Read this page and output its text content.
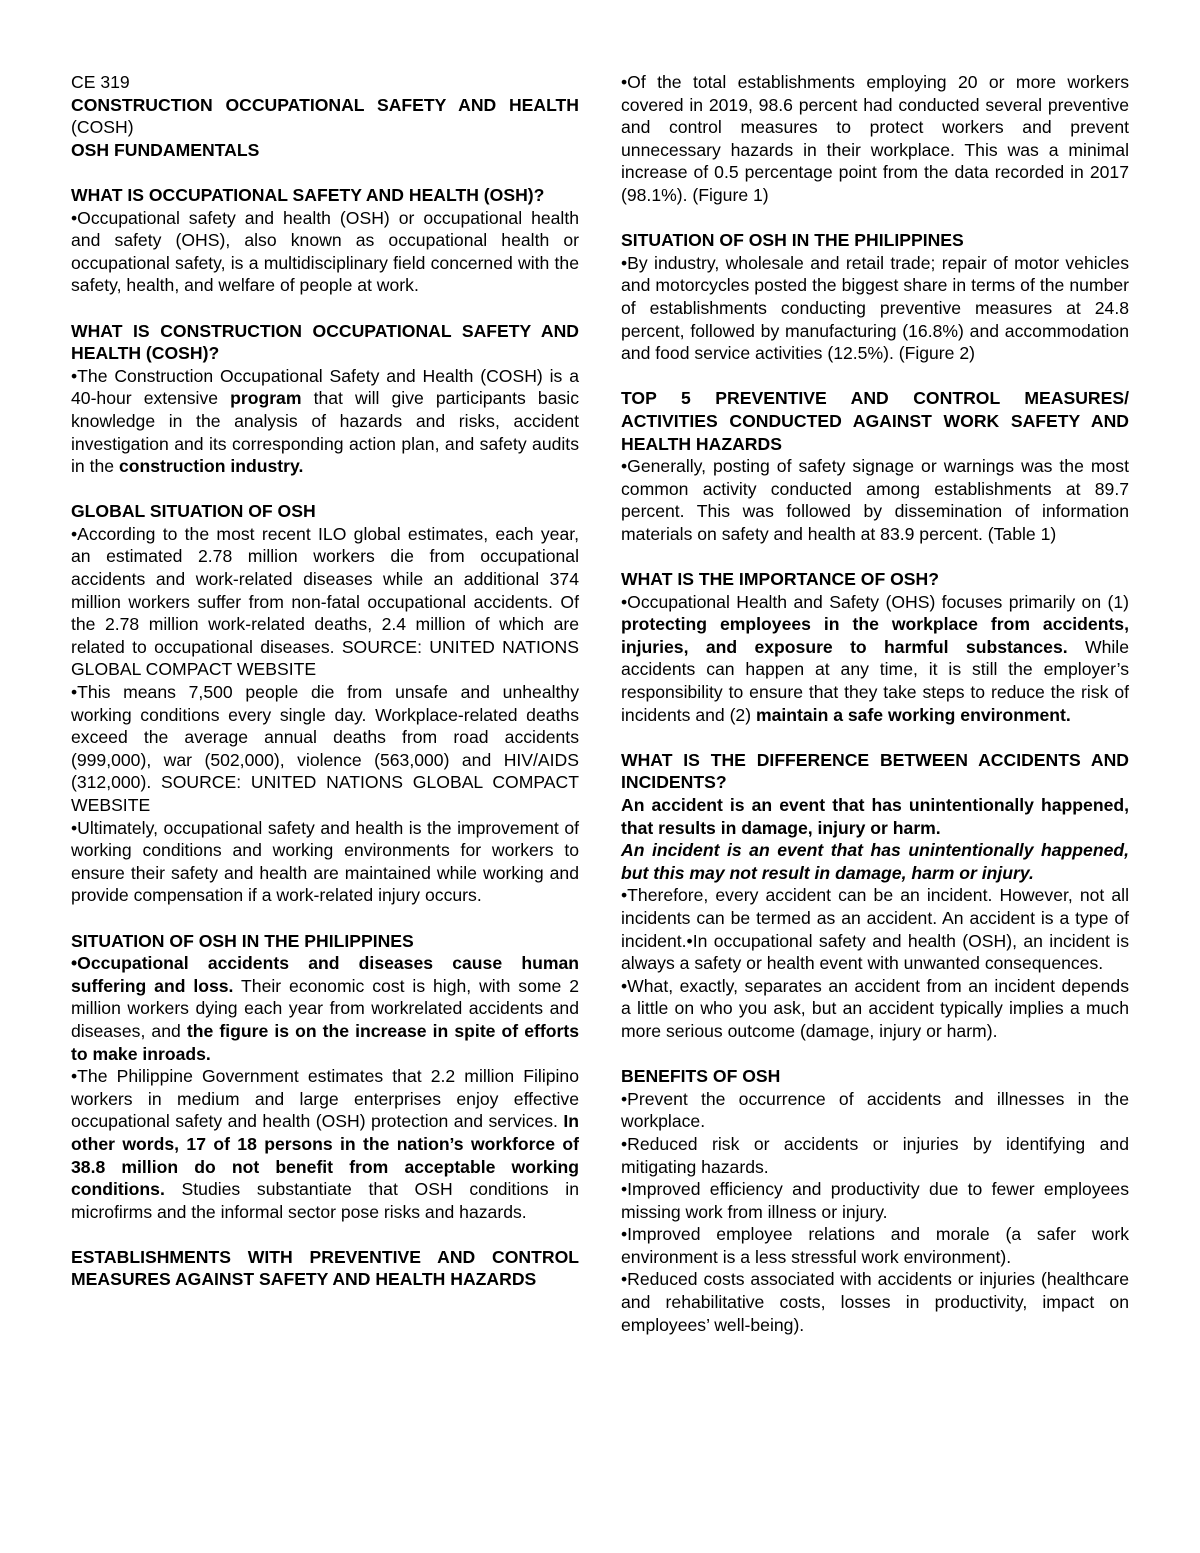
CE 319

CONSTRUCTION OCCUPATIONAL SAFETY AND HEALTH (COSH)

OSH FUNDAMENTALS

WHAT IS OCCUPATIONAL SAFETY AND HEALTH (OSH)?

•Occupational safety and health (OSH) or occupational health and safety (OHS), also known as occupational health or occupational safety, is a multidisciplinary field concerned with the safety, health, and welfare of people at work.

WHAT IS CONSTRUCTION OCCUPATIONAL SAFETY AND HEALTH (COSH)?

•The Construction Occupational Safety and Health (COSH) is a 40-hour extensive program that will give participants basic knowledge in the analysis of hazards and risks, accident investigation and its corresponding action plan, and safety audits in the construction industry.

GLOBAL SITUATION OF OSH

•According to the most recent ILO global estimates, each year, an estimated 2.78 million workers die from occupational accidents and work-related diseases while an additional 374 million workers suffer from non-fatal occupational accidents. Of the 2.78 million work-related deaths, 2.4 million of which are related to occupational diseases. SOURCE: UNITED NATIONS GLOBAL COMPACT WEBSITE

•This means 7,500 people die from unsafe and unhealthy working conditions every single day. Workplace-related deaths exceed the average annual deaths from road accidents (999,000), war (502,000), violence (563,000) and HIV/AIDS (312,000). SOURCE: UNITED NATIONS GLOBAL COMPACT WEBSITE

•Ultimately, occupational safety and health is the improvement of working conditions and working environments for workers to ensure their safety and health are maintained while working and provide compensation if a work-related injury occurs.

SITUATION OF OSH IN THE PHILIPPINES

•Occupational accidents and diseases cause human suffering and loss. Their economic cost is high, with some 2 million workers dying each year from workrelated accidents and diseases, and the figure is on the increase in spite of efforts to make inroads.

•The Philippine Government estimates that 2.2 million Filipino workers in medium and large enterprises enjoy effective occupational safety and health (OSH) protection and services. In other words, 17 of 18 persons in the nation’s workforce of 38.8 million do not benefit from acceptable working conditions. Studies substantiate that OSH conditions in microfirms and the informal sector pose risks and hazards.

ESTABLISHMENTS WITH PREVENTIVE AND CONTROL MEASURES AGAINST SAFETY AND HEALTH HAZARDS

•Of the total establishments employing 20 or more workers covered in 2019, 98.6 percent had conducted several preventive and control measures to protect workers and prevent unnecessary hazards in their workplace. This was a minimal increase of 0.5 percentage point from the data recorded in 2017 (98.1%). (Figure 1)

SITUATION OF OSH IN THE PHILIPPINES

•By industry, wholesale and retail trade; repair of motor vehicles and motorcycles posted the biggest share in terms of the number of establishments conducting preventive measures at 24.8 percent, followed by manufacturing (16.8%) and accommodation and food service activities (12.5%). (Figure 2)

TOP 5 PREVENTIVE AND CONTROL MEASURES/ ACTIVITIES CONDUCTED AGAINST WORK SAFETY AND HEALTH HAZARDS

•Generally, posting of safety signage or warnings was the most common activity conducted among establishments at 89.7 percent. This was followed by dissemination of information materials on safety and health at 83.9 percent. (Table 1)

WHAT IS THE IMPORTANCE OF OSH?

•Occupational Health and Safety (OHS) focuses primarily on (1) protecting employees in the workplace from accidents, injuries, and exposure to harmful substances. While accidents can happen at any time, it is still the employer’s responsibility to ensure that they take steps to reduce the risk of incidents and (2) maintain a safe working environment.

WHAT IS THE DIFFERENCE BETWEEN ACCIDENTS AND INCIDENTS?

An accident is an event that has unintentionally happened, that results in damage, injury or harm.

An incident is an event that has unintentionally happened, but this may not result in damage, harm or injury.

•Therefore, every accident can be an incident. However, not all incidents can be termed as an accident. An accident is a type of incident.•In occupational safety and health (OSH), an incident is always a safety or health event with unwanted consequences.

•What, exactly, separates an accident from an incident depends a little on who you ask, but an accident typically implies a much more serious outcome (damage, injury or harm).

BENEFITS OF OSH

•Prevent the occurrence of accidents and illnesses in the workplace.

•Reduced risk or accidents or injuries by identifying and mitigating hazards.

•Improved efficiency and productivity due to fewer employees missing work from illness or injury.

•Improved employee relations and morale (a safer work environment is a less stressful work environment).

•Reduced costs associated with accidents or injuries (healthcare and rehabilitative costs, losses in productivity, impact on employees’ well-being).
